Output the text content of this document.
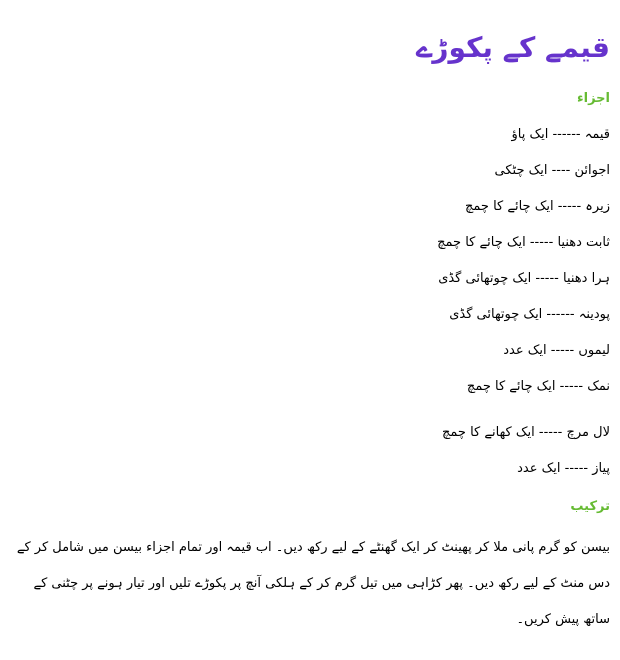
قیمے کے پکوڑے
اجزاء
قیمہ ------ ایک پاؤ
اجوائن ---- ایک چٹکی
زیرہ ----- ایک چائے کا چمچ
ثابت دھنیا ----- ایک چائے کا چمچ
ہرا دھنیا ----- ایک چوتھائی گڈی
پودینہ ------ ایک چوتھائی گڈی
لیموں ----- ایک عدد
نمک ----- ایک چائے کا چمچ
لال مرچ ----- ایک کھانے کا چمچ
پیاز ----- ایک عدد
ترکیب
بیسن کو گرم پانی ملا کر پھینٹ کر ایک گھنٹے کے لیے رکھ دیں۔ اب قیمہ اور تمام اجزاء بیسن میں شامل کر کے دس منٹ کے لیے رکھ دیں۔ پھر کڑاہی میں تیل گرم کر کے ہلکی آنچ پر پکوڑے تلیں اور تیار ہونے پر چٹنی کے ساتھ پیش کریں۔
